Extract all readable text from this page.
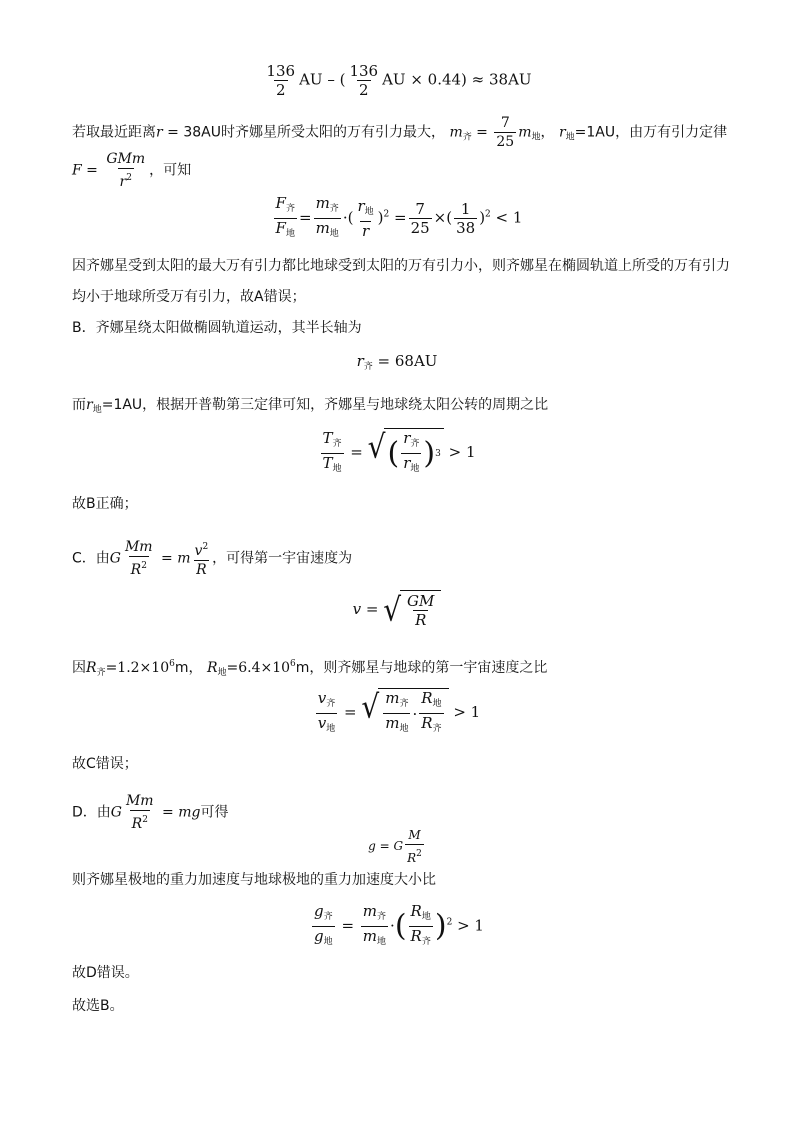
$\frac{136}{2}$ AU – ( $\frac{136}{2}$ AU × 0.44) ≈ 38AU
若取最近距离r = 38AU时齐娜星所受太阳的万有引力最大， $m_齐 = \frac{7}{25} m_地$， $r_地=1AU$，由万有引力定律
$F = \frac{\text{GMm}}{r^2}$ ，可知
$\frac{F_齐}{F_地} = \frac{m_齐}{m_地}$ ·( $\frac{r_地}{r} )^2 = \frac{7}{25}$ ×( $\frac{1}{38} )^2 < 1$
因齐娜星受到太阳的最大万有引力都比地球受到太阳的万有引力小，则齐娜星在椭圆轨道上所受的万有引力
均小于地球所受万有引力，故A错误；
B．齐娜星绕太阳做椭圆轨道运动，其半长轴为
$r_齐 = 68AU$
而$r_地=1AU$，根据开普勒第三定律可知，齐娜星与地球绕太阳公转的周期之比
$\frac{T_齐}{T_地}$ = √ ( $\frac{r_齐}{r_地}$ ) 3 > 1
故B正确；
C．由G $\frac{Mm}{R^2} = m \frac{v^2}{R}$ ，可得第一宇宙速度为
v = √ $\frac{GM}{R}$
因$R_齐=1.2\times 10^6m$， $R_地=6.4\times 10^6m$，则齐娜星与地球的第一宇宙速度之比
$\frac{v_齐}{v_地}$ = √ $\frac{m_齐}{m_地} \cdot \frac{R_地}{R_齐} > 1$
故C错误；
D．由G $\frac{Mm}{R^2}$ = mg可得
g = G $\frac{M}{R^2}$
则齐娜星极地的重力加速度与地球极地的重力加速度大小比
$\frac{g_齐}{g_地} = \frac{m_齐}{m_地}$ ·( $\frac{R_地}{R_齐} )^2 > 1$
故D错误。
故选B。
